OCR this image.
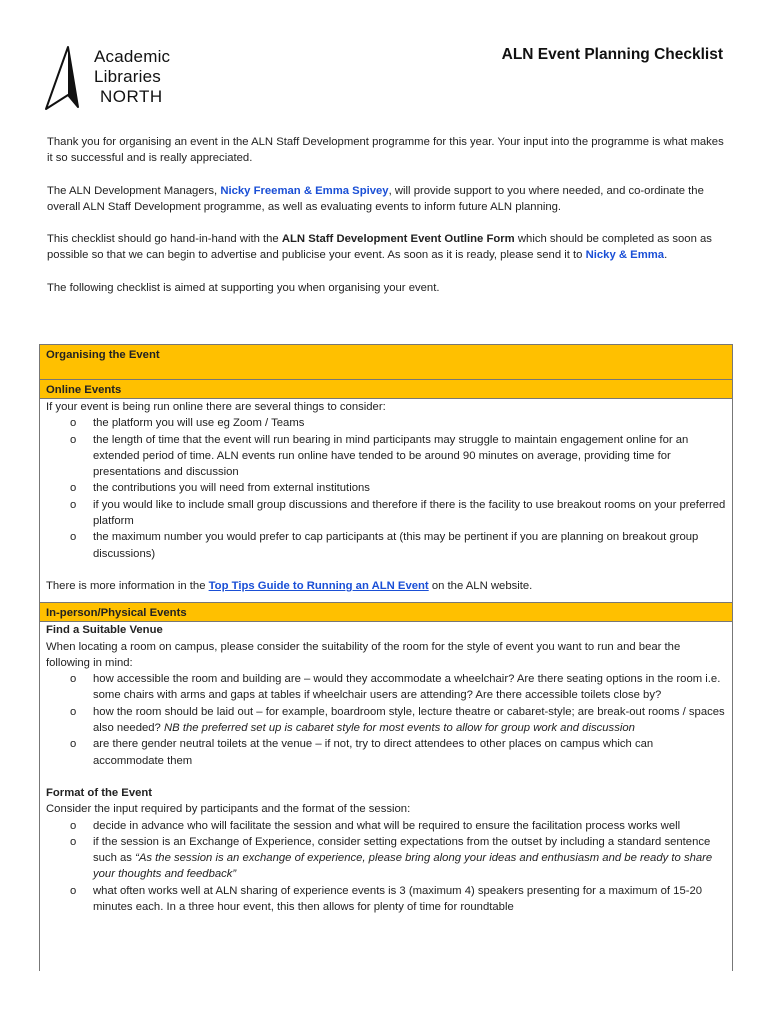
Academic
Libraries
NORTH
ALN Event Planning Checklist

Thank you for organising an event in the ALN Staff Development programme for this year. Your input into the programme is what makes it so successful and is really appreciated.

The ALN Development Managers, Nicky Freeman & Emma Spivey, will provide support to you where needed, and co-ordinate the overall ALN Staff Development programme, as well as evaluating events to inform future ALN planning.

This checklist should go hand-in-hand with the ALN Staff Development Event Outline Form which should be completed as soon as possible so that we can begin to advertise and publicise your event. As soon as it is ready, please send it to Nicky & Emma.

The following checklist is aimed at supporting you when organising your event.

Organising the Event
Online Events

If your event is being run online there are several things to consider:

o the platform you will use eg Zoom / Teams
o the length of time that the event will run bearing in mind participants may struggle to maintain engagement online for an extended period of time. ALN events run online have tended to be around 90 minutes on average, providing time for presentations and discussion
o the contributions you will need from external institutions
o if you would like to include small group discussions and therefore if there is the facility to use breakout rooms on your preferred platform
o the maximum number you would prefer to cap participants at (this may be pertinent if you are planning on breakout group discussions)

There is more information in the Top Tips Guide to Running an ALN Event on the ALN website.

In-person/Physical Events

Find a Suitable Venue

When locating a room on campus, please consider the suitability of the room for the style of event you want to run and bear the following in mind:

o how accessible the room and building are – would they accommodate a wheelchair? Are there seating options in the room i.e. some chairs with arms and gaps at tables if wheelchair users are attending? Are there accessible toilets close by?
o how the room should be laid out – for example, boardroom style, lecture theatre or cabaret-style; are break-out rooms / spaces also needed? NB the preferred set up is cabaret style for most events to allow for group work and discussion
o are there gender neutral toilets at the venue – if not, try to direct attendees to other places on campus which can accommodate them

Format of the Event

Consider the input required by participants and the format of the session:

o decide in advance who will facilitate the session and what will be required to ensure the facilitation process works well
o if the session is an Exchange of Experience, consider setting expectations from the outset by including a standard sentence such as “As the session is an exchange of experience, please bring along your ideas and enthusiasm and be ready to share your thoughts and feedback”
o what often works well at ALN sharing of experience events is 3 (maximum 4) speakers presenting for a maximum of 15-20 minutes each. In a three hour event, this then allows for plenty of time for roundtable
